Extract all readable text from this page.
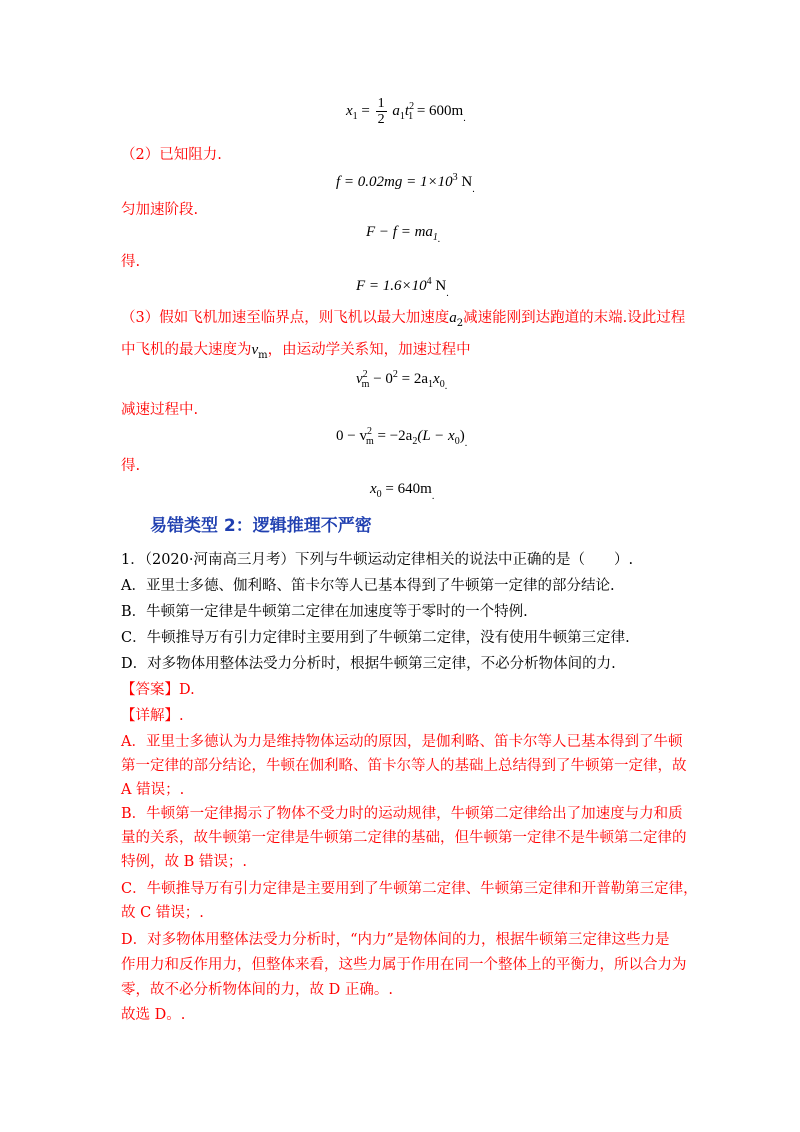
$x_1 = \frac{1}{2} a_1t^2_1 = 600m_.$
（2）已知阻力.
$f = 0.02mg = 1\times 10^3$ $N_.$
匀加速阶段.
$F - f = ma_{1.}$
得.
$F = 1.6\times 10^4$ $N_.$
（3）假如飞机加速至临界点，则飞机以最大加速度$a_2$减速能刚到达跑道的末端.设此过程
中飞机的最大速度为$v_m$，由运动学关系知，加速过程中
$v^2_m - 0^2 = 2a_1x_{0.}$
减速过程中.
$0 - v^2_m = -2a_2(L - x_0)_.$
得.
$x_0 = 640m_.$
易错类型 2：逻辑推理不严密
1．（2020·河南高三月考）下列与牛顿运动定律相关的说法中正确的是（　　）.
A．亚里士多德、伽利略、笛卡尔等人已基本得到了牛顿第一定律的部分结论.
B．牛顿第一定律是牛顿第二定律在加速度等于零时的一个特例.
C．牛顿推导万有引力定律时主要用到了牛顿第二定律，没有使用牛顿第三定律.
D．对多物体用整体法受力分析时，根据牛顿第三定律，不必分析物体间的力.
【答案】D.
【详解】.
A．亚里士多德认为力是维持物体运动的原因，是伽利略、笛卡尔等人已基本得到了牛顿
第一定律的部分结论，牛顿在伽利略、笛卡尔等人的基础上总结得到了牛顿第一定律，故
A 错误；.
B．牛顿第一定律揭示了物体不受力时的运动规律，牛顿第二定律给出了加速度与力和质
量的关系，故牛顿第一定律是牛顿第二定律的基础，但牛顿第一定律不是牛顿第二定律的
特例，故 B 错误；.
C．牛顿推导万有引力定律是主要用到了牛顿第二定律、牛顿第三定律和开普勒第三定律，
故 C 错误；.
D．对多物体用整体法受力分析时，“内力”是物体间的力，根据牛顿第三定律这些力是
作用力和反作用力，但整体来看，这些力属于作用在同一个整体上的平衡力，所以合力为
零，故不必分析物体间的力，故 D 正确。.
故选 D。.
